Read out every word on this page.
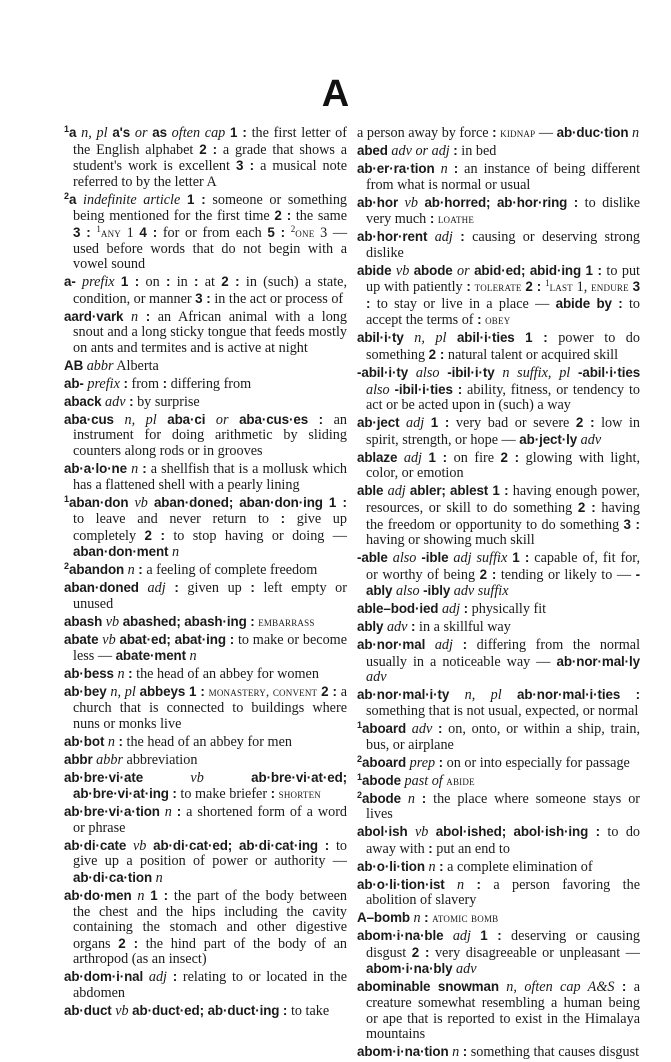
A
$^1$a n, pl a's or as often cap 1 : the first letter of the English alphabet 2 : a grade that shows a student's work is excellent 3 : a musical note referred to by the letter A
$^2$a indefinite article 1 : someone or something being mentioned for the first time 2 : the same 3 : $^1$any 1 4 : for or from each 5 : $^2$one 3 — used before words that do not begin with a vowel sound
a- prefix 1 : on : in : at 2 : in (such) a state, condition, or manner 3 : in the act or process of
aard·vark n : an African animal with a long snout and a long sticky tongue that feeds mostly on ants and termites and is active at night
AB abbr Alberta
ab- prefix : from : differing from
aback adv : by surprise
aba·cus n, pl aba·ci or aba·cus·es : an instrument for doing arithmetic by sliding counters along rods or in grooves
ab·a·lo·ne n : a shellfish that is a mollusk which has a flattened shell with a pearly lining
$^1$aban·don vb aban·doned; aban·don·ing 1 : to leave and never return to : give up completely 2 : to stop having or doing — aban·don·ment n
$^2$abandon n : a feeling of complete freedom
aban·doned adj : given up : left empty or unused
abash vb abashed; abash·ing : embarrass
abate vb abat·ed; abat·ing : to make or become less — abate·ment n
ab·bess n : the head of an abbey for women
ab·bey n, pl abbeys 1 : monastery, convent 2 : a church that is connected to buildings where nuns or monks live
ab·bot n : the head of an abbey for men
abbr abbr abbreviation
ab·bre·vi·ate	vb	ab·bre·vi·at·ed; ab·bre·vi·at·ing : to make briefer : shorten
ab·bre·vi·a·tion n : a shortened form of a word or phrase
ab·di·cate vb ab·di·cat·ed; ab·di·cat·ing : to give up a position of power or authority — ab·di·ca·tion n
ab·do·men n 1 : the part of the body between the chest and the hips including the cavity containing the stomach and other digestive organs 2 : the hind part of the body of an arthropod (as an insect)
ab·dom·i·nal adj : relating to or located in the abdomen
ab·duct vb ab·duct·ed; ab·duct·ing : to take
a person away by force : kidnap — ab·duc·tion n
abed adv or adj : in bed
ab·er·ra·tion n : an instance of being different from what is normal or usual
ab·hor vb ab·horred; ab·hor·ring : to dislike very much : loathe
ab·hor·rent adj : causing or deserving strong dislike
abide vb abode or abid·ed; abid·ing 1 : to put up with patiently : tolerate 2 : $^1$last 1, endure 3 : to stay or live in a place — abide by : to accept the terms of : obey
abil·i·ty n, pl abil·i·ties 1 : power to do something 2 : natural talent or acquired skill
-abil·i·ty also -ibil·i·ty n suffix, pl -abil·i·ties also -ibil·i·ties : ability, fitness, or tendency to act or be acted upon in (such) a way
ab·ject adj 1 : very bad or severe 2 : low in spirit, strength, or hope — ab·ject·ly adv
ablaze adj 1 : on fire 2 : glowing with light, color, or emotion
able adj abler; ablest 1 : having enough power, resources, or skill to do something 2 : having the freedom or opportunity to do something 3 : having or showing much skill
-able also -ible adj suffix 1 : capable of, fit for, or worthy of being 2 : tending or likely to — -ably also -ibly adv suffix
able–bod·ied adj : physically fit
ably adv : in a skillful way
ab·nor·mal adj : differing from the normal usually in a noticeable way — ab·nor·mal·ly adv
ab·nor·mal·i·ty n, pl ab·nor·mal·i·ties : something that is not usual, expected, or normal
$^1$aboard adv : on, onto, or within a ship, train, bus, or airplane
$^2$aboard prep : on or into especially for passage
$^1$abode past of abide
$^2$abode n : the place where someone stays or lives
abol·ish vb abol·ished; abol·ish·ing : to do away with : put an end to
ab·o·li·tion n : a complete elimination of
ab·o·li·tion·ist n : a person favoring the abolition of slavery
A–bomb n : atomic bomb
abom·i·na·ble adj 1 : deserving or causing disgust 2 : very disagreeable or unpleasant — abom·i·na·bly adv
abominable snowman n, often cap A&S : a creature somewhat resembling a human being or ape that is reported to exist in the Himalaya mountains
abom·i·na·tion n : something that causes disgust
